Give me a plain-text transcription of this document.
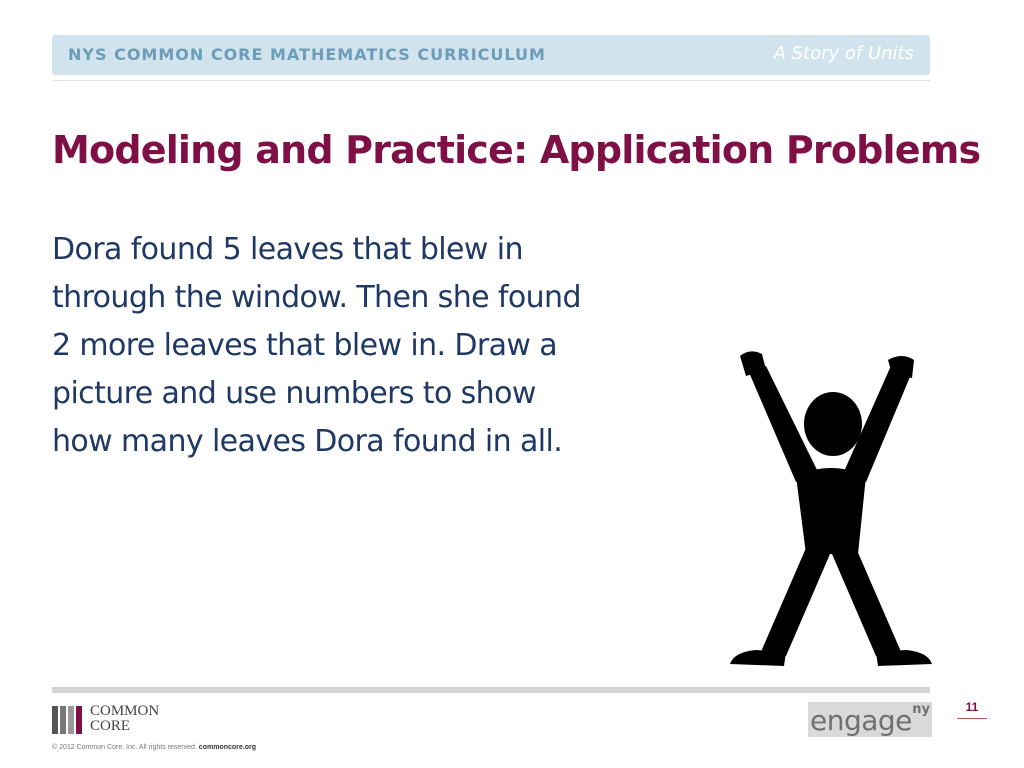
NYS COMMON CORE MATHEMATICS CURRICULUM	A Story of Units
Modeling and Practice: Application Problems

Dora found 5 leaves that blew in
through the window. Then she found
2 more leaves that blew in. Draw a
picture and use numbers to show
how many leaves Dora found in all.

COMMON
CORE
© 2012 Common Core, Inc. All rights reserved. commoncore.org
engage ny	11
